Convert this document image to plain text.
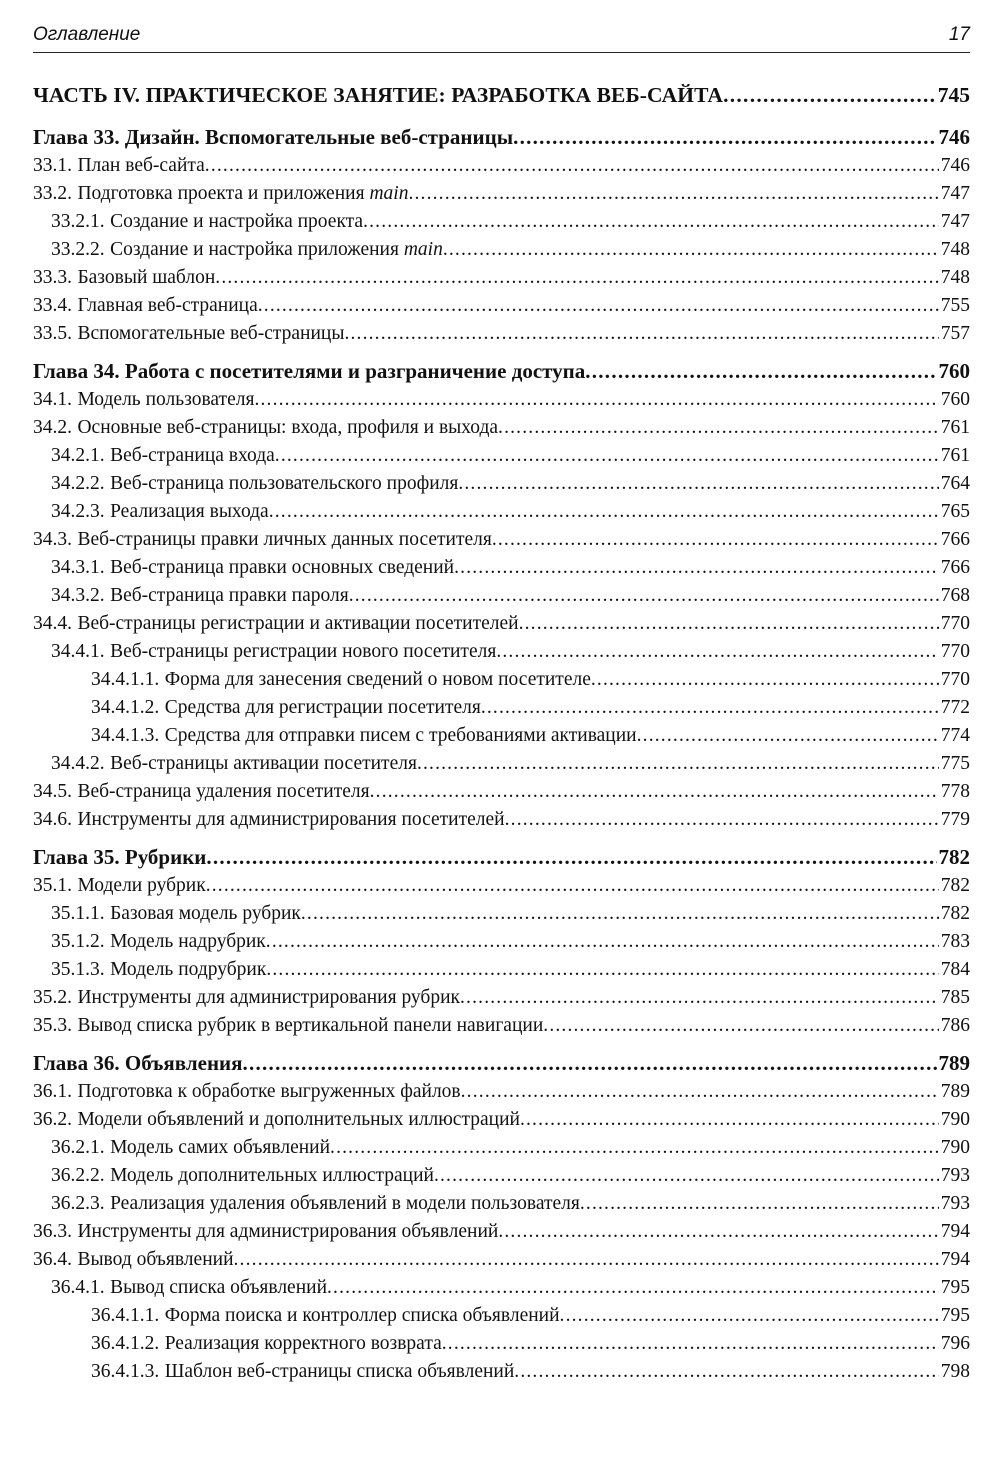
Оглавление	17
ЧАСТЬ IV. ПРАКТИЧЕСКОЕ ЗАНЯТИЕ: РАЗРАБОТКА ВЕБ-САЙТА .....	745
Глава 33. Дизайн. Вспомогательные веб-страницы .....	746
33.1. План веб-сайта .....	746
33.2. Подготовка проекта и приложения main .....	747
33.2.1. Создание и настройка проекта .....	747
33.2.2. Создание и настройка приложения main .....	748
33.3. Базовый шаблон .....	748
33.4. Главная веб-страница .....	755
33.5. Вспомогательные веб-страницы .....	757
Глава 34. Работа с посетителями и разграничение доступа .....	760
34.1. Модель пользователя .....	760
34.2. Основные веб-страницы: входа, профиля и выхода .....	761
34.2.1. Веб-страница входа .....	761
34.2.2. Веб-страница пользовательского профиля .....	764
34.2.3. Реализация выхода .....	765
34.3. Веб-страницы правки личных данных посетителя .....	766
34.3.1. Веб-страница правки основных сведений .....	766
34.3.2. Веб-страница правки пароля .....	768
34.4. Веб-страницы регистрации и активации посетителей .....	770
34.4.1. Веб-страницы регистрации нового посетителя .....	770
34.4.1.1. Форма для занесения сведений о новом посетителе .....	770
34.4.1.2. Средства для регистрации посетителя .....	772
34.4.1.3. Средства для отправки писем с требованиями активации .....	774
34.4.2. Веб-страницы активации посетителя .....	775
34.5. Веб-страница удаления посетителя .....	778
34.6. Инструменты для администрирования посетителей .....	779
Глава 35. Рубрики .....	782
35.1. Модели рубрик .....	782
35.1.1. Базовая модель рубрик .....	782
35.1.2. Модель надрубрик .....	783
35.1.3. Модель подрубрик .....	784
35.2. Инструменты для администрирования рубрик .....	785
35.3. Вывод списка рубрик в вертикальной панели навигации .....	786
Глава 36. Объявления .....	789
36.1. Подготовка к обработке выгруженных файлов .....	789
36.2. Модели объявлений и дополнительных иллюстраций .....	790
36.2.1. Модель самих объявлений .....	790
36.2.2. Модель дополнительных иллюстраций .....	793
36.2.3. Реализация удаления объявлений в модели пользователя .....	793
36.3. Инструменты для администрирования объявлений .....	794
36.4. Вывод объявлений .....	794
36.4.1. Вывод списка объявлений .....	795
36.4.1.1. Форма поиска и контроллер списка объявлений .....	795
36.4.1.2. Реализация корректного возврата .....	796
36.4.1.3. Шаблон веб-страницы списка объявлений .....	798
